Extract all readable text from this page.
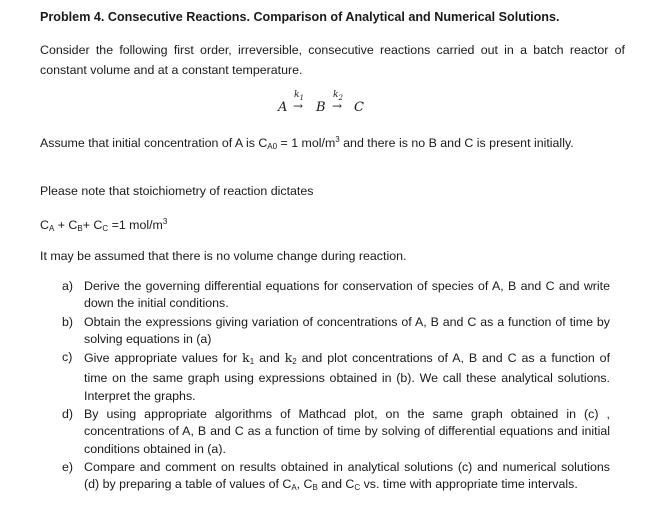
Problem 4. Consecutive Reactions. Comparison of Analytical and Numerical Solutions.
Consider the following first order, irreversible, consecutive reactions carried out in a batch reactor of constant volume and at a constant temperature.
A
$k_1$
→ B
$k_2$
→ C
Assume that initial concentration of A is $C_{A0} = 1$ mol/$m^3$ and there is no B and C is present initially.
Please note that stoichiometry of reaction dictates
$C_A + C_B+ C_C =1$ mol/$m^3$
It may be assumed that there is no volume change during reaction.
a) Derive the governing differential equations for conservation of species of A, B and C and write down the initial conditions.
b) Obtain the expressions giving variation of concentrations of A, B and C as a function of time by solving equations in (a)
c) Give appropriate values for $k_1$ and $k_2$ and plot concentrations of A, B and C as a function of time on the same graph using expressions obtained in (b). We call these analytical solutions. Interpret the graphs.
d) By using appropriate algorithms of Mathcad plot, on the same graph obtained in (c) , concentrations of A, B and C as a function of time by solving of differential equations and initial conditions obtained in (a).
e) Compare and comment on results obtained in analytical solutions (c) and numerical solutions (d) by preparing a table of values of $C_A$, $C_B$ and $C_C$ vs. time with appropriate time intervals.
